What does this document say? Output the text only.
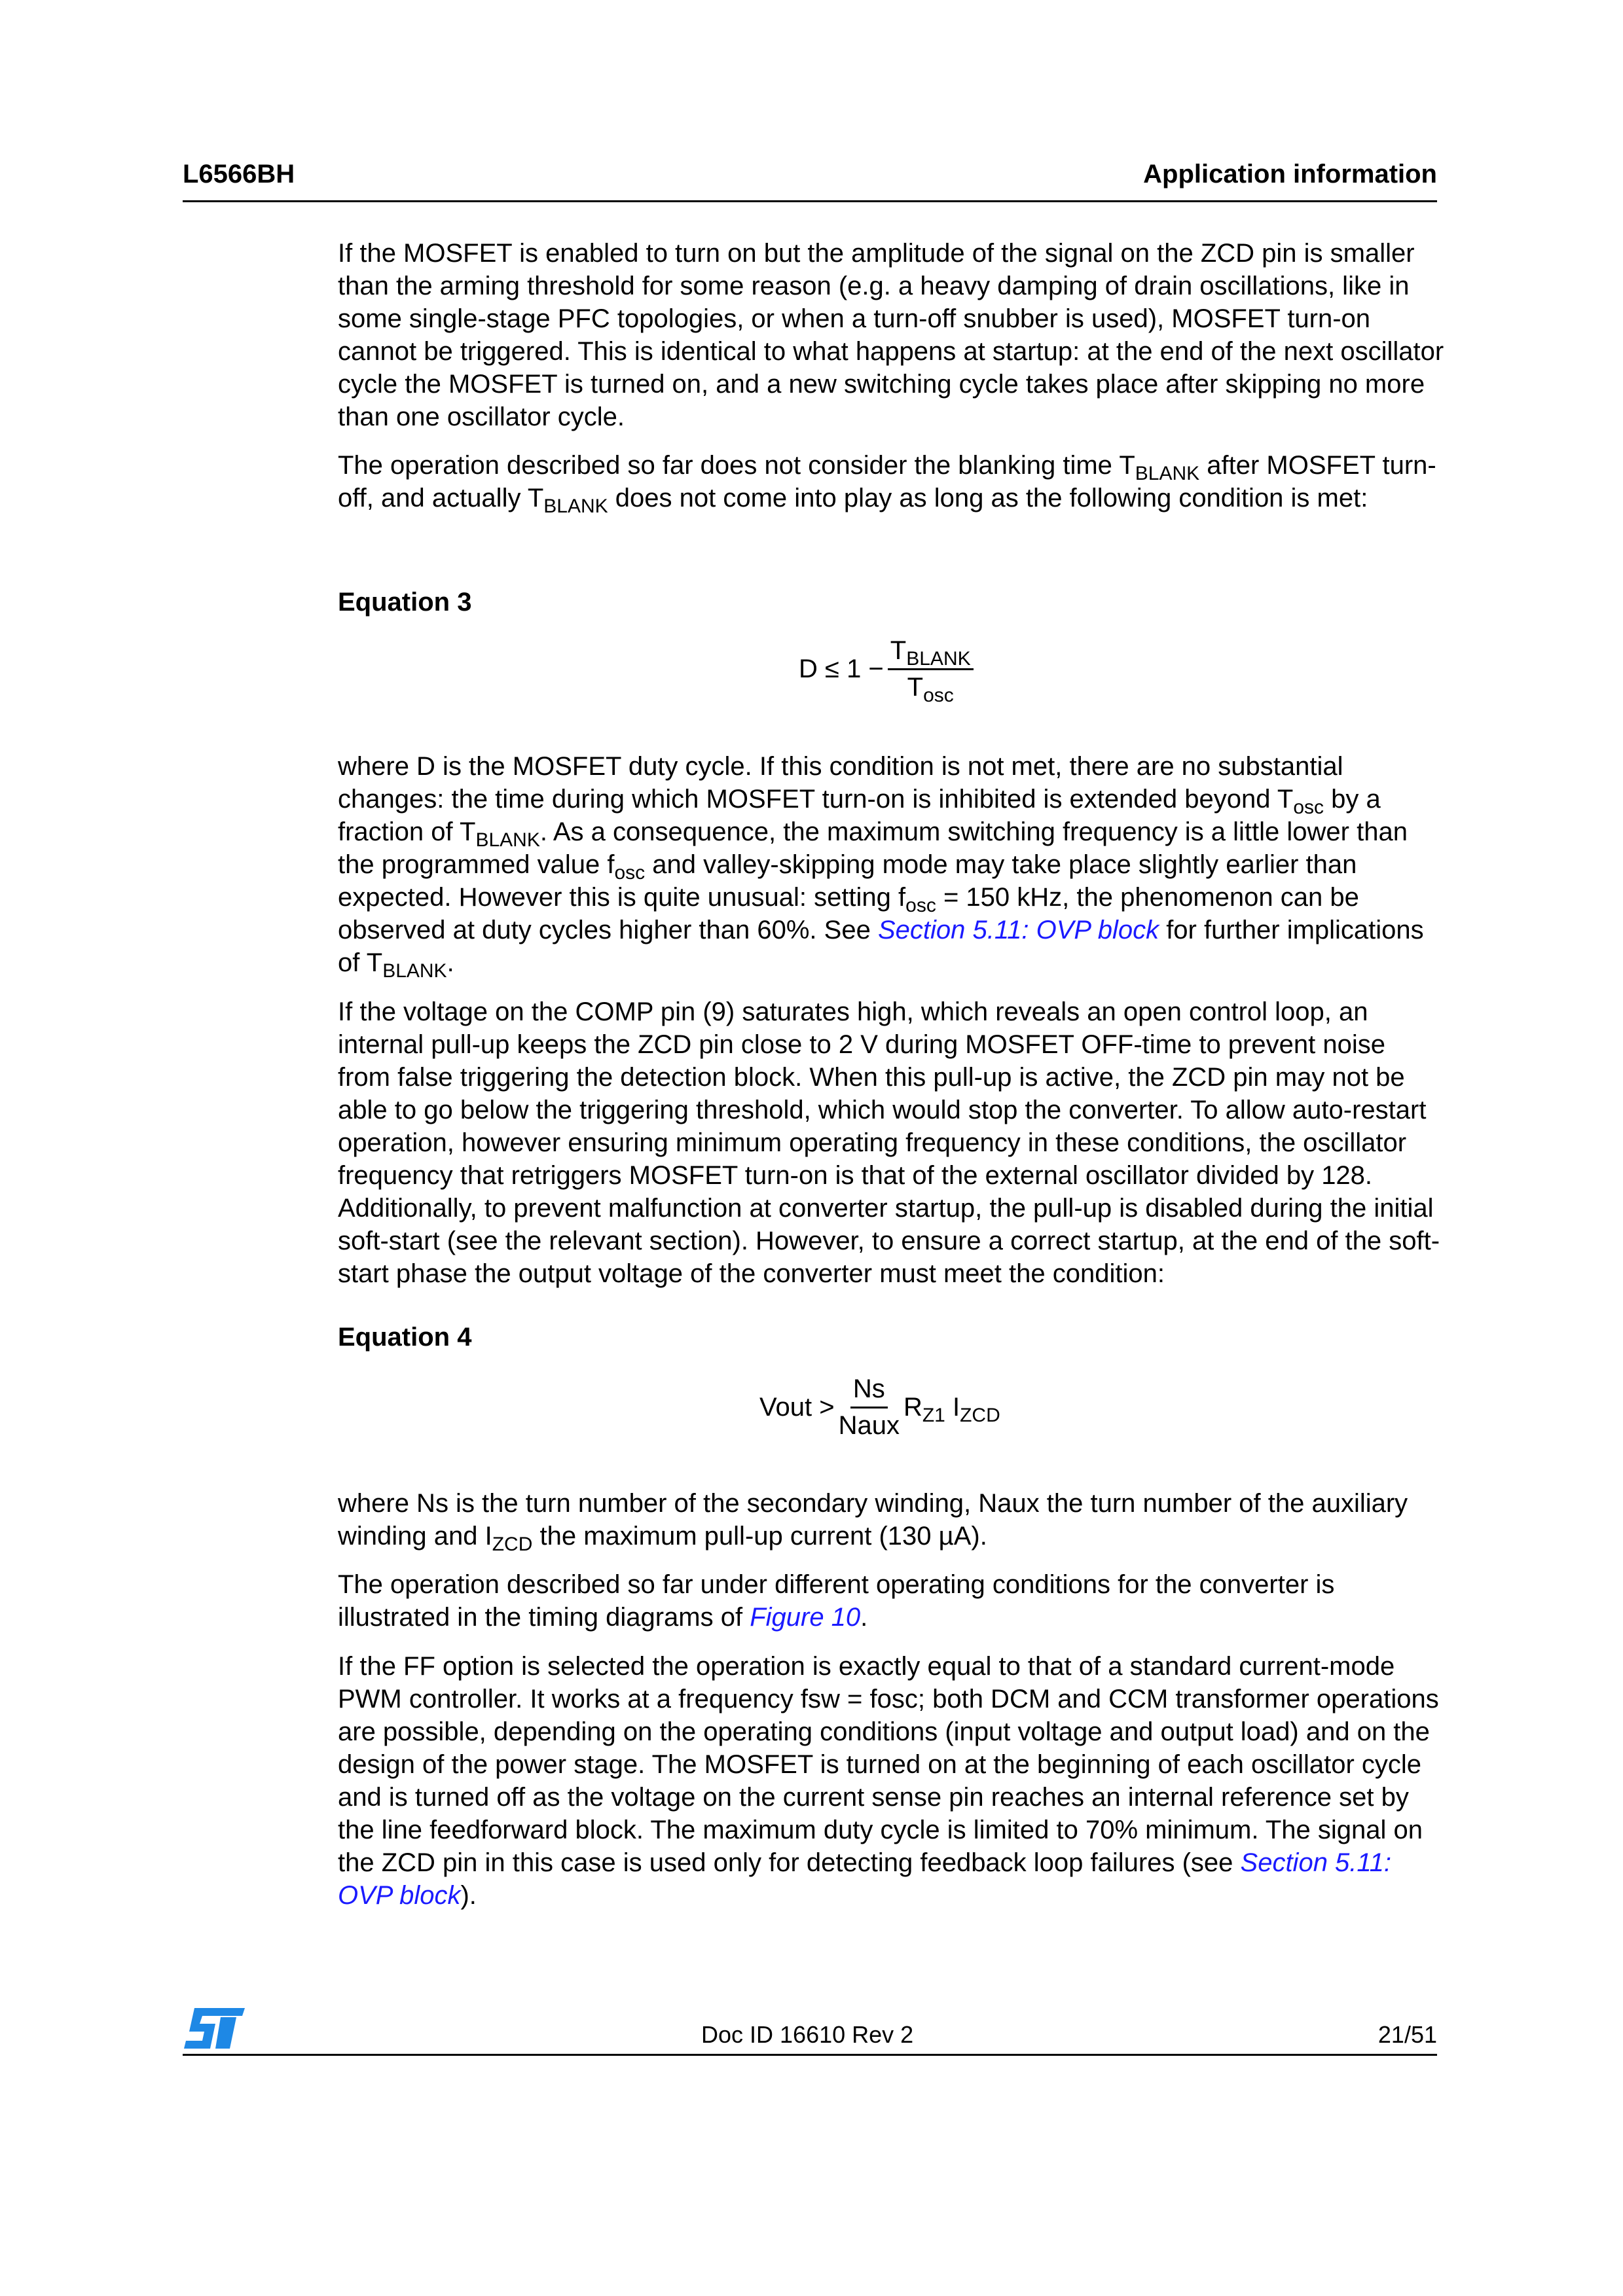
L6566BH	Application information

If the MOSFET is enabled to turn on but the amplitude of the signal on the ZCD pin is smaller than the arming threshold for some reason (e.g. a heavy damping of drain oscillations, like in some single-stage PFC topologies, or when a turn-off snubber is used), MOSFET turn-on cannot be triggered. This is identical to what happens at startup: at the end of the next oscillator cycle the MOSFET is turned on, and a new switching cycle takes place after skipping no more than one oscillator cycle.

The operation described so far does not consider the blanking time $T_{BLANK}$ after MOSFET turn-off, and actually $T_{BLANK}$ does not come into play as long as the following condition is met:

Equation 3
$D \le 1 - \frac{T_{BLANK}}{T_{osc}}$

where D is the MOSFET duty cycle. If this condition is not met, there are no substantial changes: the time during which MOSFET turn-on is inhibited is extended beyond $T_{osc}$ by a fraction of $T_{BLANK}$. As a consequence, the maximum switching frequency is a little lower than the programmed value $f_{osc}$ and valley-skipping mode may take place slightly earlier than expected. However this is quite unusual: setting $f_{osc} = 150$ kHz, the phenomenon can be observed at duty cycles higher than 60%. See Section 5.11: OVP block for further implications of $T_{BLANK}$.

If the voltage on the COMP pin (9) saturates high, which reveals an open control loop, an internal pull-up keeps the ZCD pin close to 2 V during MOSFET OFF-time to prevent noise from false triggering the detection block. When this pull-up is active, the ZCD pin may not be able to go below the triggering threshold, which would stop the converter. To allow auto-restart operation, however ensuring minimum operating frequency in these conditions, the oscillator frequency that retriggers MOSFET turn-on is that of the external oscillator divided by 128. Additionally, to prevent malfunction at converter startup, the pull-up is disabled during the initial soft-start (see the relevant section). However, to ensure a correct startup, at the end of the soft-start phase the output voltage of the converter must meet the condition:

Equation 4
Vout > $\frac{Ns}{\text{Naux}} R_{Z1}$ $I_{ZCD}$

where Ns is the turn number of the secondary winding, Naux the turn number of the auxiliary winding and $I_{ZCD}$ the maximum pull-up current (130 µA).

The operation described so far under different operating conditions for the converter is illustrated in the timing diagrams of Figure 10.

If the FF option is selected the operation is exactly equal to that of a standard current-mode PWM controller. It works at a frequency fsw = fosc; both DCM and CCM transformer operations are possible, depending on the operating conditions (input voltage and output load) and on the design of the power stage. The MOSFET is turned on at the beginning of each oscillator cycle and is turned off as the voltage on the current sense pin reaches an internal reference set by the line feedforward block. The maximum duty cycle is limited to 70% minimum. The signal on the ZCD pin in this case is used only for detecting feedback loop failures (see Section 5.11: OVP block).

Doc ID 16610 Rev 2	21/51
